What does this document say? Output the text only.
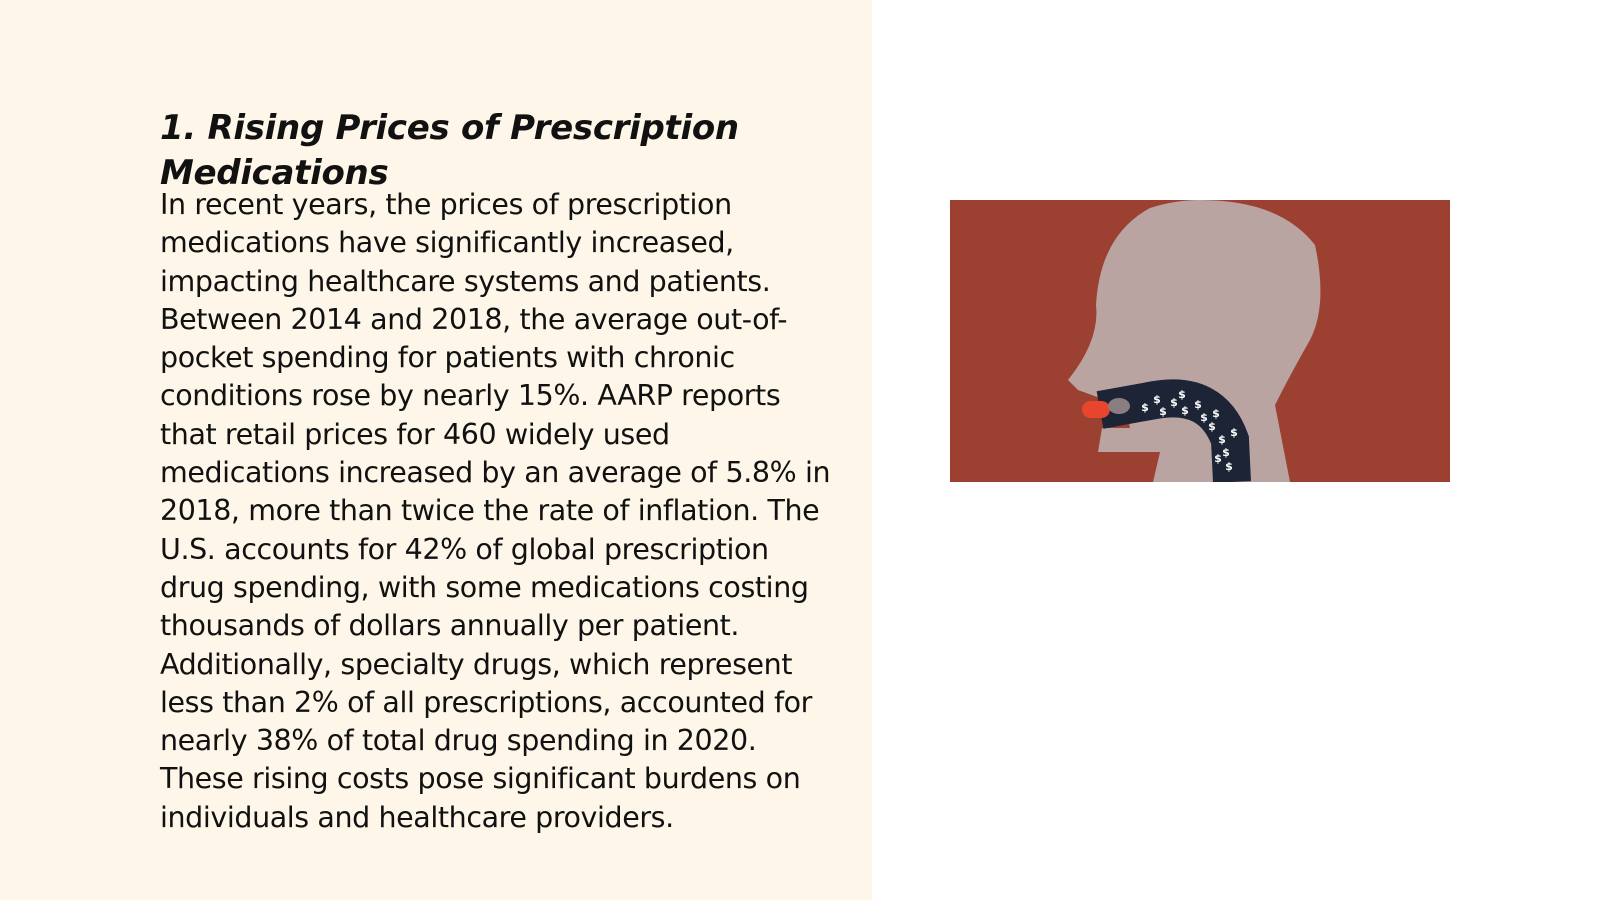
1. Rising Prices of Prescription Medications

In recent years, the prices of prescription medications have significantly increased, impacting healthcare systems and patients. Between 2014 and 2018, the average out-of-pocket spending for patients with chronic conditions rose by nearly 15%. AARP reports that retail prices for 460 widely used medications increased by an average of 5.8% in 2018, more than twice the rate of inflation. The U.S. accounts for 42% of global prescription drug spending, with some medications costing thousands of dollars annually per patient. Additionally, specialty drugs, which represent less than 2% of all prescriptions, accounted for nearly 38% of total drug spending in 2020. These rising costs pose significant burdens on individuals and healthcare providers.

$
$
$
$
$
$ $
$
$
$
$
$
$
$
$
